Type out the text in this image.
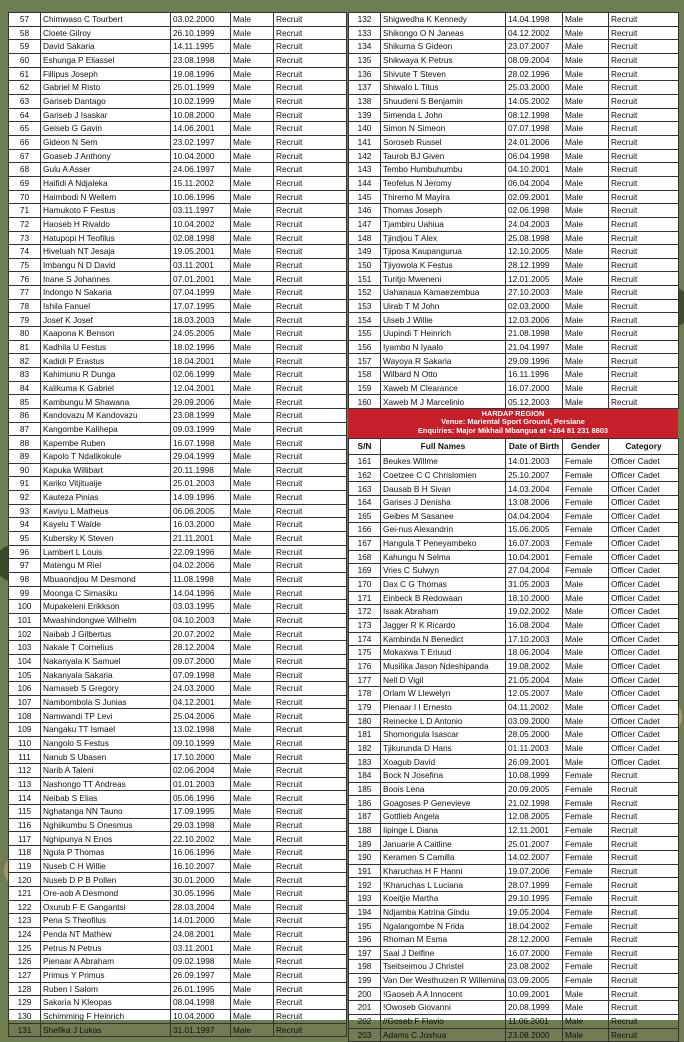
57	Chimwaso C Tourbert	03.02.2000	Male	Recruit
58	Cloete Gilroy	26.10.1999	Male	Recruit
59	David Sakaria	14.11.1995	Male	Recruit
60	Eshunga P Eliassel	23.08.1998	Male	Recruit
61	Fillipus Joseph	19.08.1996	Male	Recruit
62	Gabriel M Risto	25.01.1999	Male	Recruit
63	Gariseb Dantago	10.02.1999	Male	Recruit
64	Gariseb J Isaskar	10.08.2000	Male	Recruit
65	Geiseb G Gavin	14.06.2001	Male	Recruit
66	Gideon N Sem	23.02.1997	Male	Recruit
67	Goaseb J Anthony	10.04.2000	Male	Recruit
68	Gulu A Asser	24.06.1997	Male	Recruit
69	Haifidi A Ndjaleka	15.11.2002	Male	Recruit
70	Haimbodi N Wellem	10.06.1996	Male	Recruit
71	Hamukoto F Festus	03.11.1997	Male	Recruit
72	Haoseb H Rivaldo	10.04.2002	Male	Recruit
73	Hatupopi H Teofilus	02.08.1998	Male	Recruit
74	Hiveluah NT Jesaja	19.05.2001	Male	Recruit
75	Imbangu N D David	03.11.2001	Male	Recruit
76	Inane S Johannes	07.01.2001	Male	Recruit
77	Indongo N Sakaria	07.04.1999	Male	Recruit
78	Ishila Fanuel	17.07.1995	Male	Recruit
79	Josef K Josef	18.03.2003	Male	Recruit
80	Kaapona K Benson	24.05.2005	Male	Recruit
81	Kadhila U Festus	18.02.1996	Male	Recruit
82	Kadidi P Erastus	18.04.2001	Male	Recruit
83	Kahimunu R Dunga	02.06.1999	Male	Recruit
84	Kalikuma K Gabriel	12.04.2001	Male	Recruit
85	Kambungu M Shawana	29.09.2006	Male	Recruit
86	Kandovazu M Kandovazu	23.08.1999	Male	Recruit
87	Kangombe Kalihepa	09.03.1999	Male	Recruit
88	Kapembe Ruben	16.07.1998	Male	Recruit
89	Kapolo T Ndalikokule	29.04.1999	Male	Recruit
90	Kapuka Willibart	20.11.1998	Male	Recruit
91	Kariko Vitjituaije	25.01.2003	Male	Recruit
92	Kauteza Pinias	14.09.1996	Male	Recruit
93	Kaviyu L Matheus	06.06.2005	Male	Recruit
94	Kayelu T Walde	16.03.2000	Male	Recruit
95	Kubersky K Steven	21.11.2001	Male	Recruit
96	Lambert L Louis	22.09.1996	Male	Recruit
97	Matengu M Riel	04.02.2006	Male	Recruit
98	Mbuaondjou M Desmond	11.08.1998	Male	Recruit
99	Moonga C Simasiku	14.04.1996	Male	Recruit
100	Mupakeleni Erikkson	03.03.1995	Male	Recruit
101	Mwashindongwe Wilhelm	04.10.2003	Male	Recruit
102	Naibab J Gilbertus	20.07.2002	Male	Recruit
103	Nakale T Cornelius	28.12.2004	Male	Recruit
104	Nakanyala K Samuel	09.07.2000	Male	Recruit
105	Nakanyala Sakaria	07.09.1998	Male	Recruit
106	Namaseb S Gregory	24.03.2000	Male	Recruit
107	Nambombola S Junias	04.12.2001	Male	Recruit
108	Namwandi TP Levi	25.04.2006	Male	Recruit
109	Nangaku TT Ismael	13.02.1998	Male	Recruit
110	Nangolo S Festus	09.10.1999	Male	Recruit
111	Nanub S Ubasen	17.10.2000	Male	Recruit
112	Narib A Taleni	02.06.2004	Male	Recruit
113	Nashongo TT Andreas	01.01.2003	Male	Recruit
114	Neibab S Elias	05.06.1996	Male	Recruit
115	Nghatanga NN Tauno	17.09.1995	Male	Recruit
116	Nghiikumbu S Onesmus	29.03.1998	Male	Recruit
117	Nghipunya N Enos	22.10.2002	Male	Recruit
118	Ngula P Thomas	16.06.1996	Male	Recruit
119	Nuseb C H Willie	16.10.2007	Male	Recruit
120	Nuseb D P B Pollen	30.01.2000	Male	Recruit
121	Ore-aob A Desmond	30.05.1996	Male	Recruit
122	Oxurub F E Gangantsi	28.03.2004	Male	Recruit
123	Pena S Theofilus	14.01.2000	Male	Recruit
124	Penda NT Mathew	24.08.2001	Male	Recruit
125	Petrus N Petrus	03.11.2001	Male	Recruit
126	Pienaar A Abraham	09.02.1998	Male	Recruit
127	Primus Y Primus	26.09.1997	Male	Recruit
128	Ruben I Salom	26.01.1995	Male	Recruit
129	Sakaria N Kleopas	08.04.1998	Male	Recruit
130	Schimming F Heinrich	10.04.2000	Male	Recruit
131	Shefika J Lukas	31.01.1997	Male	Recruit
132	Shigwedha K Kennedy	14.04.1998	Male	Recruit
133	Shikongo O N Janeas	04.12.2002	Male	Recruit
134	Shikuma S Gideon	23.07.2007	Male	Recruit
135	Shikwaya K Petrus	08.09.2004	Male	Recruit
136	Shivute T Steven	28.02.1996	Male	Recruit
137	Shiwalo L Titus	25.03.2000	Male	Recruit
138	Shuudeni S Benjamin	14.05.2002	Male	Recruit
139	Simenda L John	08.12.1998	Male	Recruit
140	Simon N Simeon	07.07.1998	Male	Recruit
141	Soroseb Russel	24.01.2006	Male	Recruit
142	Taurob BJ Given	06.04.1998	Male	Recruit
143	Tembo Humbuhumbu	04.10.2001	Male	Recruit
144	Teofelus N Jeromy	06.04.2004	Male	Recruit
145	Thiremo M Mayira	02.09.2001	Male	Recruit
146	Thomas Joseph	02.06.1998	Male	Recruit
147	Tjambiru Uahiua	24.04.2003	Male	Recruit
148	Tjindjou T Alex	25.08.1998	Male	Recruit
149	Tjiposa Kaupangurua	12.10.2005	Male	Recruit
150	Tjiyowola K Festus	28.12.1999	Male	Recruit
151	Turitjo Mweneni	12.01.2005	Male	Recruit
152	Uahanaua Kamaezembua	27.10.2003	Male	Recruit
153	Uirab T M John	02.03.2000	Male	Recruit
154	Uiseb J Willie	12.03.2006	Male	Recruit
155	Uupindi T Heinrich	21.08.1998	Male	Recruit
156	Iyambo N Iyaalo	21.04.1997	Male	Recruit
157	Wayoya R Sakaria	29.09.1996	Male	Recruit
158	Wilbard N Otto	16.11.1996	Male	Recruit
159	Xaweb M Clearance	16.07.2000	Male	Recruit
160	Xaweb M J Marcelinio	05.12.2003	Male	Recruit
HARDAP REGION
Venue: Mariental Sport Ground, Persiane
Enquiries: Major Mikhail Mbangua at +264 81 231 8803
S/N	Full Names	Date of Birth	Gender	Category
161	Beukes Willme	14.01.2003	Female	Officer Cadet
162	Coetzee C C Chrislomien	25.10.2007	Female	Officer Cadet
163	Dausab B H Sivan	14.03.2004	Female	Officer Cadet
164	Garises J Denisha	13.08.2006	Female	Officer Cadet
165	Geibes M Sasanee	04.04.2004	Female	Officer Cadet
166	Gei-nus Alexandrin	15.06.2005	Female	Officer Cadet
167	Hangula T Peneyambeko	16.07.2003	Female	Officer Cadet
168	Kahungu N Selma	10.04.2001	Female	Officer Cadet
169	Vries C Sulwyn	27.04.2004	Female	Officer Cadet
170	Dax C G Thomas	31.05.2003	Male	Officer Cadet
171	Einbeck B Redowaan	18.10.2000	Male	Officer Cadet
172	Isaak Abraham	19.02.2002	Male	Officer Cadet
173	Jagger R K Ricardo	16.08.2004	Male	Officer Cadet
174	Kambinda N Benedict	17.10.2003	Male	Officer Cadet
175	Mokaxwa T Eriuud	18.06.2004	Male	Officer Cadet
176	Musilika Jason Ndeshipanda	19.08.2002	Male	Officer Cadet
177	Nell D Vigil	21.05.2004	Male	Officer Cadet
178	Orlam W Llewelyn	12.05.2007	Male	Officer Cadet
179	Pienaar I I Ernesto	04.11.2002	Male	Officer Cadet
180	Reinecke L D Antonio	03.09.2000	Male	Officer Cadet
181	Shomongula Isascar	28.05.2000	Male	Officer Cadet
182	Tjikurunda D Hans	01.11.2003	Male	Officer Cadet
183	Xoagub David	26.09.2001	Male	Officer Cadet
184	Bock N Josefina	10.08.1999	Female	Recruit
185	Boois Lena	20.09.2005	Female	Recruit
186	Goagoses P Genevieve	21.02.1998	Female	Recruit
187	Gottlieb Angela	12.08.2005	Female	Recruit
188	Iipinge L Diana	12.11.2001	Female	Recruit
189	Januarie A Caitline	25.01.2007	Female	Recruit
190	Keramen S Camilla	14.02.2007	Female	Recruit
191	Kharuchas H F Hanni	19.07.2006	Female	Recruit
192	!Kharuchas L Luciana	28.07.1999	Female	Recruit
193	Koeitjie Martha	29.10.1995	Female	Recruit
194	Ndjamba Katrina Gindu	19.05.2004	Female	Recruit
195	Ngalangombe N Frida	18.04.2002	Female	Recruit
196	Rhoman M Esma	28.12.2000	Female	Recruit
197	Saal J Delfine	16.07.2000	Female	Recruit
198	Tseitseimou J Christel	23.08.2002	Female	Recruit
199	Van Der Westhuizen R Willemina	03.09.2005	Female	Recruit
200	!Gaoseb A A Innocent	10.09.2001	Male	Recruit
201	!Owoseb Giovanni	20.08.1999	Male	Recruit
202	//Goseb F Flavio	11.06.2001	Male	Recruit
203	Adams C Joshua	23.08.2000	Male	Recruit
